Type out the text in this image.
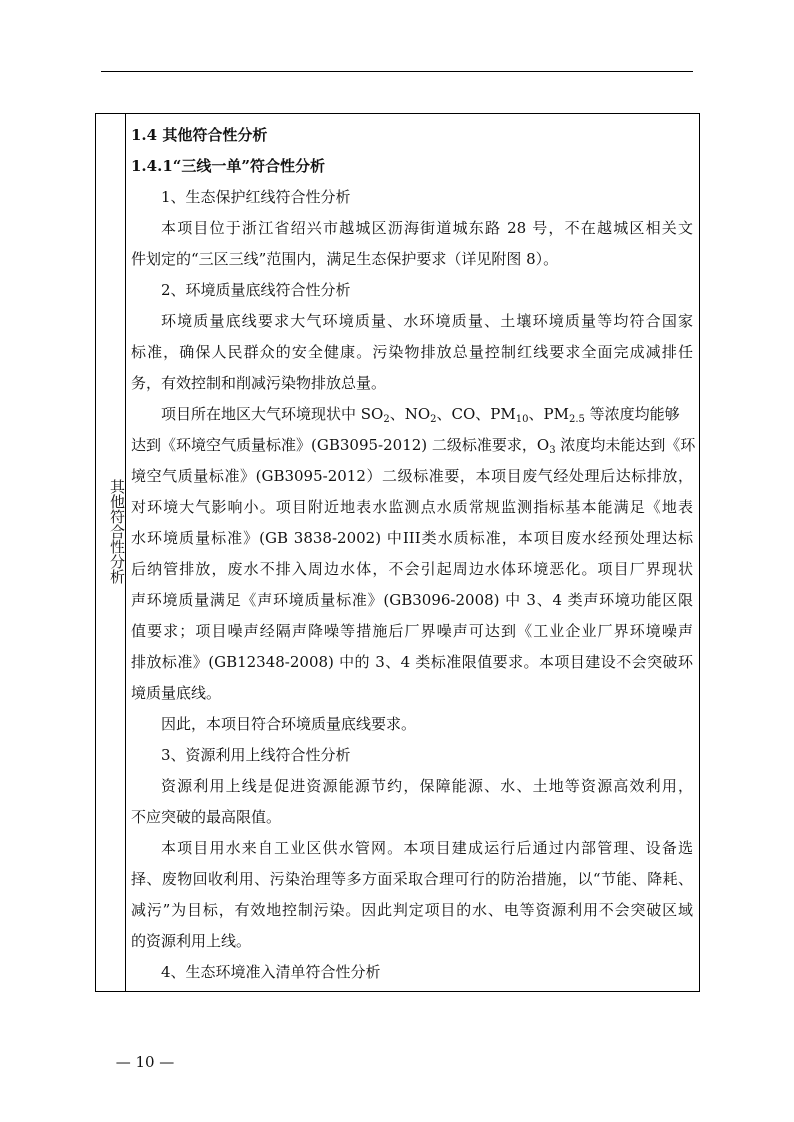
其他符合性分析
1.4 其他符合性分析
1.4.1“三线一单”符合性分析
1、生态保护红线符合性分析
本项目位于浙江省绍兴市越城区沥海街道城东路 28 号，不在越城区相关文
件划定的“三区三线”范围内，满足生态保护要求（详见附图 8）。
2、环境质量底线符合性分析
环境质量底线要求大气环境质量、水环境质量、土壤环境质量等均符合国家
标准，确保人民群众的安全健康。污染物排放总量控制红线要求全面完成减排任
务，有效控制和削减污染物排放总量。
项目所在地区大气环境现状中 $SO_2$、$NO_2$、CO、$PM_{10}$、$PM_{2.5}$ 等浓度均能够
达到《环境空气质量标准》(GB3095-2012) 二级标准要求，$O_3$ 浓度均未能达到《环
境空气质量标准》(GB3095-2012）二级标准要，本项目废气经处理后达标排放，
对环境大气影响小。项目附近地表水监测点水质常规监测指标基本能满足《地表
水环境质量标准》(GB 3838-2002) 中III类水质标准，本项目废水经预处理达标
后纳管排放，废水不排入周边水体，不会引起周边水体环境恶化。项目厂界现状
声环境质量满足《声环境质量标准》(GB3096-2008) 中 3、4 类声环境功能区限
值要求；项目噪声经隔声降噪等措施后厂界噪声可达到《工业企业厂界环境噪声
排放标准》(GB12348-2008) 中的 3、4 类标准限值要求。本项目建设不会突破环
境质量底线。
因此，本项目符合环境质量底线要求。
3、资源利用上线符合性分析
资源利用上线是促进资源能源节约，保障能源、水、土地等资源高效利用，
不应突破的最高限值。
本项目用水来自工业区供水管网。本项目建成运行后通过内部管理、设备选
择、废物回收利用、污染治理等多方面采取合理可行的防治措施，以“节能、降耗、
减污”为目标，有效地控制污染。因此判定项目的水、电等资源利用不会突破区域
的资源利用上线。
4、生态环境准入清单符合性分析
— 10 —
